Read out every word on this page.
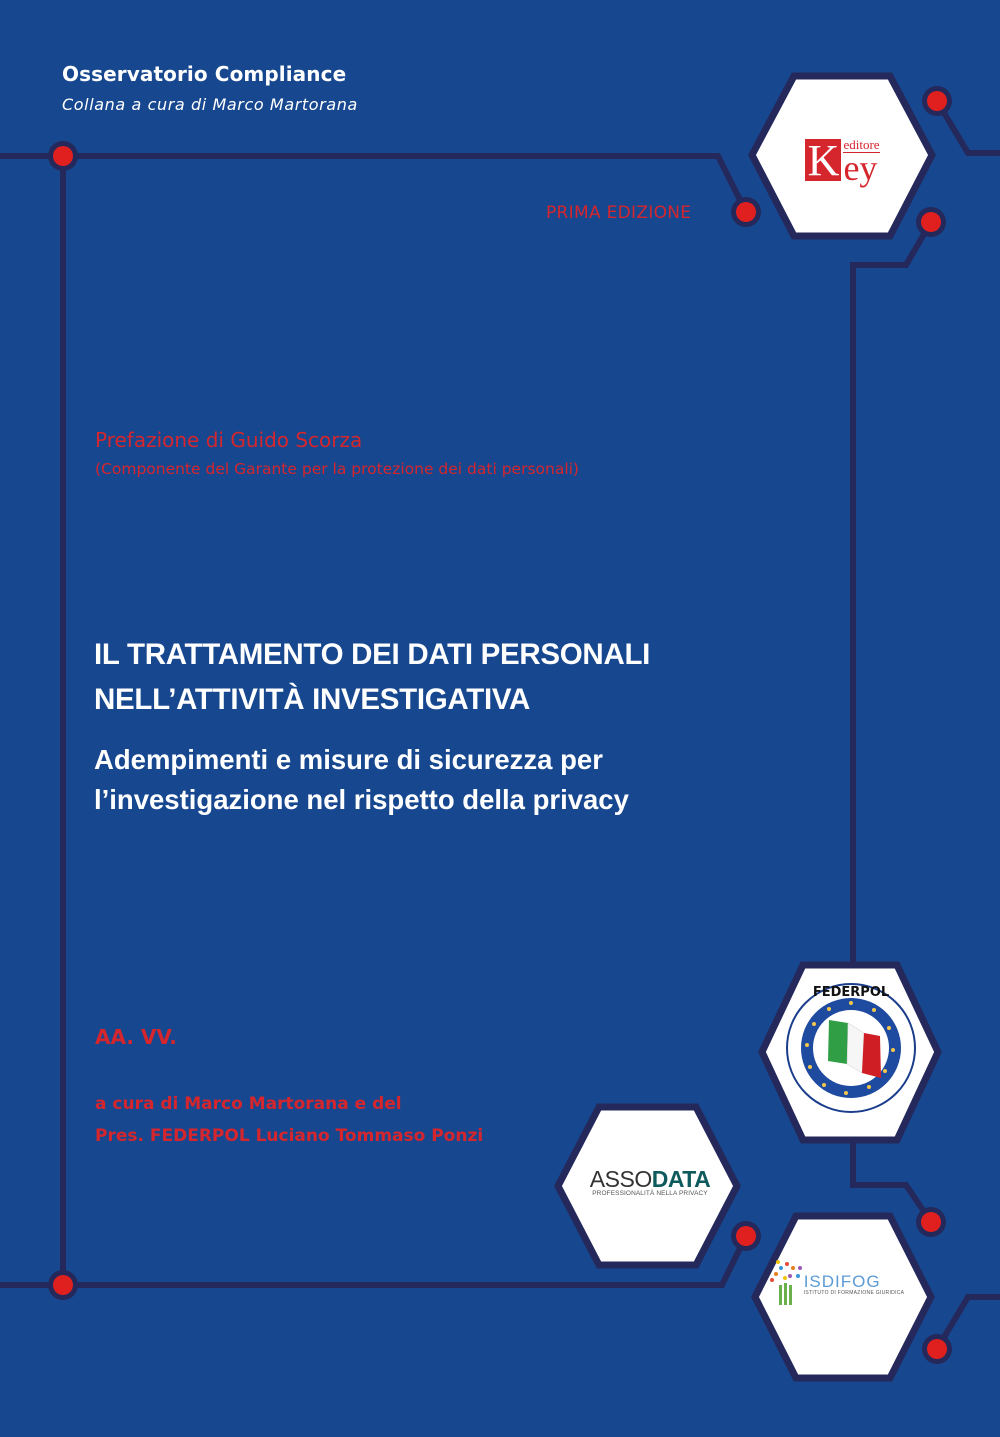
FEDERPOL
Osservatorio Compliance
Collana a cura di Marco Martorana
K editore
ey
PRIMA EDIZIONE
Prefazione di Guido Scorza
(Componente del Garante per la protezione dei dati personali)
IL TRATTAMENTO DEI DATI PERSONALI
NELL’ATTIVITÀ INVESTIGATIVA
Adempimenti e misure di sicurezza per
l’investigazione nel rispetto della privacy
AA. VV.
a cura di Marco Martorana e del
Pres. FEDERPOL Luciano Tommaso Ponzi
ASSODATA
PROFESSIONALITÀ NELLA PRIVACY
ISDIFOG
ISTITUTO DI FORMAZIONE GIURIDICA
